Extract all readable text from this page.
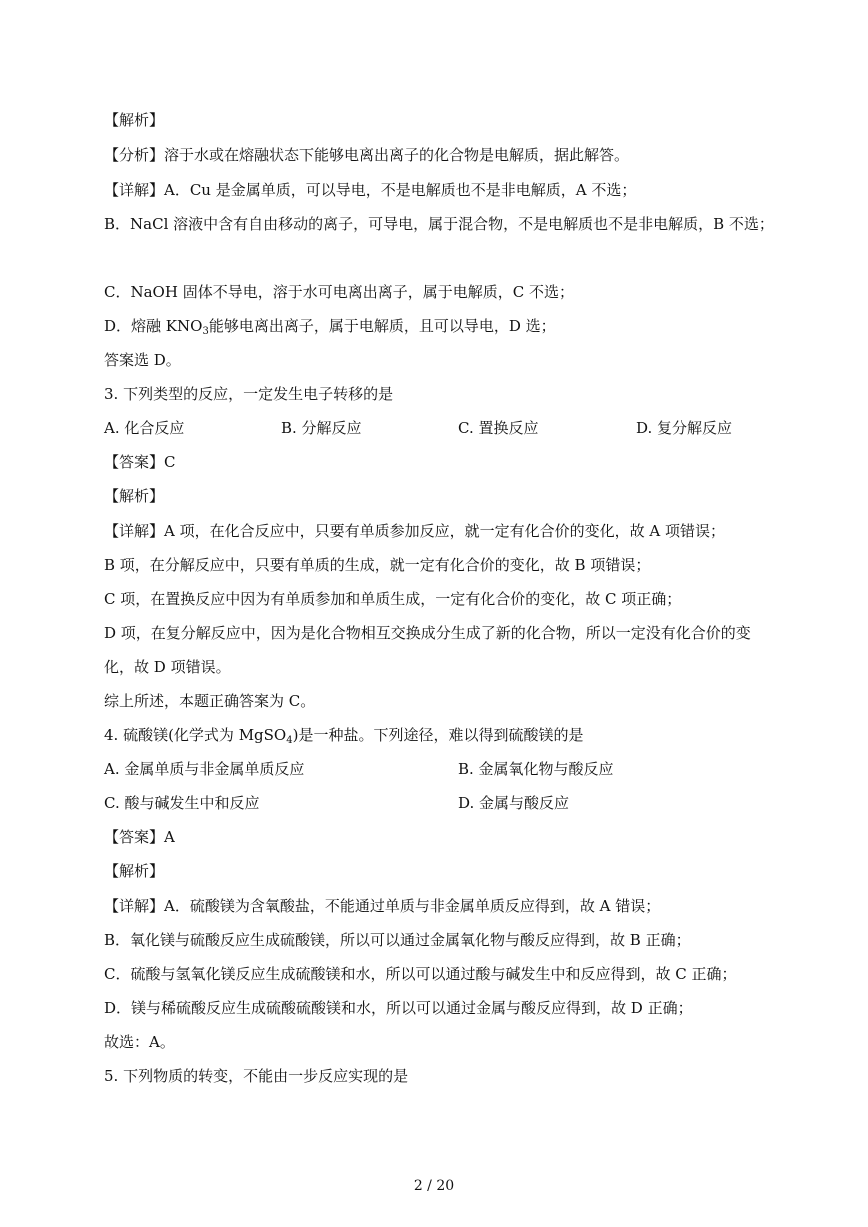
【解析】
【分析】溶于水或在熔融状态下能够电离出离子的化合物是电解质，据此解答。
【详解】A．Cu 是金属单质，可以导电，不是电解质也不是非电解质，A 不选；
B．NaCl 溶液中含有自由移动的离子，可导电，属于混合物，不是电解质也不是非电解质，B 不选；
C．NaOH 固体不导电，溶于水可电离出离子，属于电解质，C 不选；
D．熔融 $KNO_3$能够电离出离子，属于电解质，且可以导电，D 选；
答案选 D。
3. 下列类型的反应，一定发生电子转移的是
A. 化合反应	B. 分解反应	C. 置换反应	D. 复分解反应
【答案】C
【解析】
【详解】A 项，在化合反应中，只要有单质参加反应，就一定有化合价的变化，故 A 项错误；
B 项，在分解反应中，只要有单质的生成，就一定有化合价的变化，故 B 项错误；
C 项，在置换反应中因为有单质参加和单质生成，一定有化合价的变化，故 C 项正确；
D 项，在复分解反应中，因为是化合物相互交换成分生成了新的化合物，所以一定没有化合价的变
化，故 D 项错误。
综上所述，本题正确答案为 C。
4. 硫酸镁(化学式为 MgSO$_4$)是一种盐。下列途径，难以得到硫酸镁的是
A. 金属单质与非金属单质反应	B. 金属氧化物与酸反应
C. 酸与碱发生中和反应	D. 金属与酸反应
【答案】A
【解析】
【详解】A．硫酸镁为含氧酸盐，不能通过单质与非金属单质反应得到，故 A 错误；
B．氧化镁与硫酸反应生成硫酸镁，所以可以通过金属氧化物与酸反应得到，故 B 正确；
C．硫酸与氢氧化镁反应生成硫酸镁和水，所以可以通过酸与碱发生中和反应得到，故 C 正确；
D．镁与稀硫酸反应生成硫酸硫酸镁和水，所以可以通过金属与酸反应得到，故 D 正确；
故选：A。
5. 下列物质的转变，不能由一步反应实现的是
2 / 20
